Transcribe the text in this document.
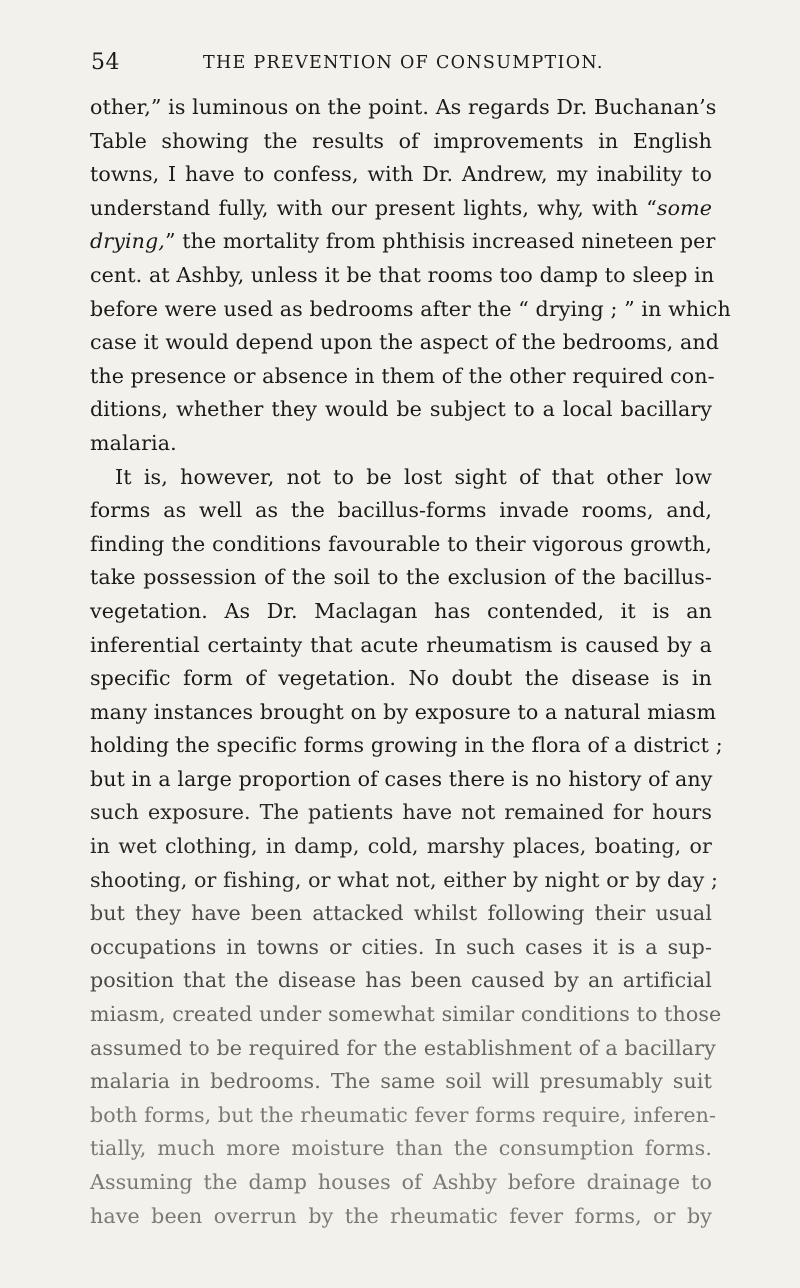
54	THE PREVENTION OF CONSUMPTION.
other,” is luminous on the point. As regards Dr. Buchanan’s
Table showing the results of improvements in English
towns, I have to confess, with Dr. Andrew, my inability to
understand fully, with our present lights, why, with “some
drying,” the mortality from phthisis increased nineteen per
cent. at Ashby, unless it be that rooms too damp to sleep in
before were used as bedrooms after the “ drying ; ” in which
case it would depend upon the aspect of the bedrooms, and
the presence or absence in them of the other required con-
ditions, whether they would be subject to a local bacillary
malaria.
It is, however, not to be lost sight of that other low
forms as well as the bacillus-forms invade rooms, and,
finding the conditions favourable to their vigorous growth,
take possession of the soil to the exclusion of the bacillus-
vegetation. As Dr. Maclagan has contended, it is an
inferential certainty that acute rheumatism is caused by a
specific form of vegetation. No doubt the disease is in
many instances brought on by exposure to a natural miasm
holding the specific forms growing in the flora of a district ;
but in a large proportion of cases there is no history of any
such exposure. The patients have not remained for hours
in wet clothing, in damp, cold, marshy places, boating, or
shooting, or fishing, or what not, either by night or by day ;
but they have been attacked whilst following their usual
occupations in towns or cities. In such cases it is a sup-
position that the disease has been caused by an artificial
miasm, created under somewhat similar conditions to those
assumed to be required for the establishment of a bacillary
malaria in bedrooms. The same soil will presumably suit
both forms, but the rheumatic fever forms require, inferen-
tially, much more moisture than the consumption forms.
Assuming the damp houses of Ashby before drainage to
have been overrun by the rheumatic fever forms, or by
